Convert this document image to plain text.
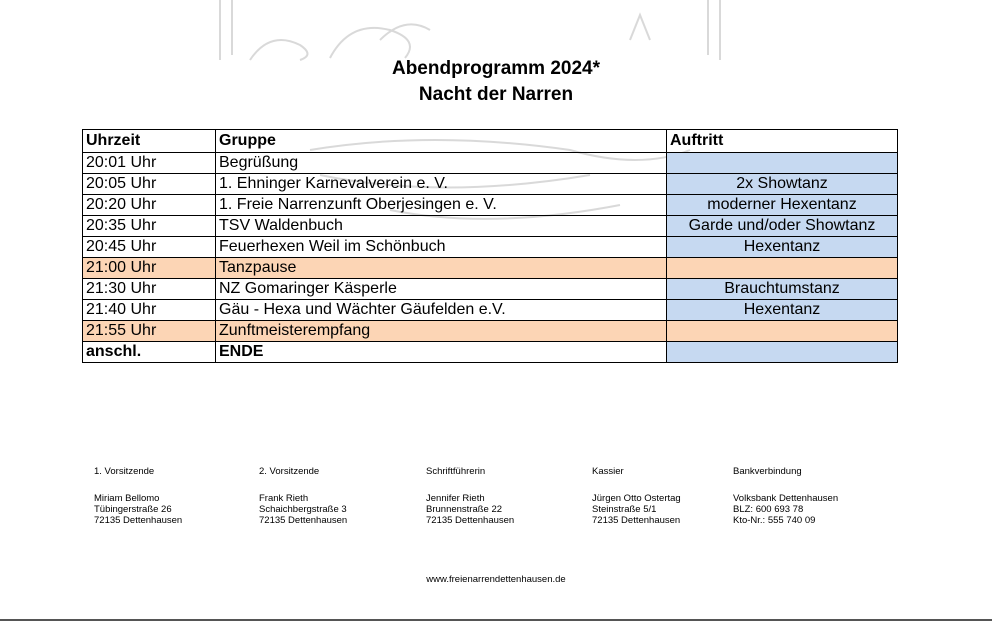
Abendprogramm 2024*
Nacht der Narren
Uhrzeit	Gruppe	Auftritt
20:01 Uhr	Begrüßung	
20:05 Uhr	1. Ehninger Karnevalverein e. V.	2x Showtanz
20:20 Uhr	1. Freie Narrenzunft Oberjesingen e. V.	moderner Hexentanz
20:35 Uhr	TSV Waldenbuch	Garde und/oder Showtanz
20:45 Uhr	Feuerhexen Weil im Schönbuch	Hexentanz
21:00 Uhr	Tanzpause	
21:30 Uhr	NZ Gomaringer Käsperle	Brauchtumstanz
21:40 Uhr	Gäu - Hexa und Wächter Gäufelden e.V.	Hexentanz
21:55 Uhr	Zunftmeisterempfang	
anschl.	ENDE	
1. Vorsitzende
Miriam Bellomo
Tübingerstraße 26
72135 Dettenhausen
2. Vorsitzende
Frank Rieth
Schaichbergstraße 3
72135 Dettenhausen
Schriftführerin
Jennifer Rieth
Brunnenstraße 22
72135 Dettenhausen
Kassier
Jürgen Otto Ostertag
Steinstraße 5/1
72135 Dettenhausen
Bankverbindung
Volksbank Dettenhausen
BLZ: 600 693 78
Kto-Nr.: 555 740 09
www.freienarrendettenhausen.de
